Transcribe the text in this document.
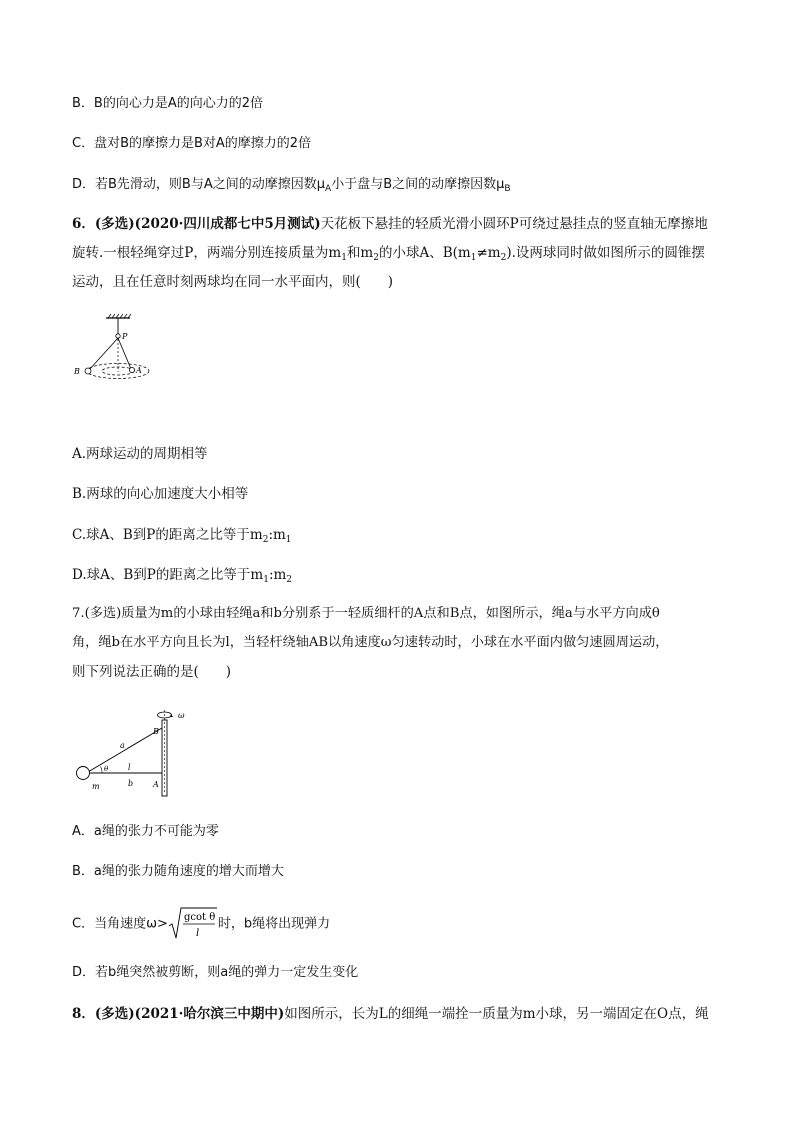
B．B的向心力是A的向心力的2倍
C．盘对B的摩擦力是B对A的摩擦力的2倍
D．若B先滑动，则B与A之间的动摩擦因数$\mu_A$小于盘与B之间的动摩擦因数$\mu_B$
6．(多选)(2020·四川成都七中5月测试)天花板下悬挂的轻质光滑小圆环P可绕过悬挂点的竖直轴无摩擦地
旋转.一根轻绳穿过P，两端分别连接质量为$m_1$和$m_2$的小球A、$B(m_1\ne m_2)$.设两球同时做如图所示的圆锥摆
运动，且在任意时刻两球均在同一水平面内，则(　　)
P
B	A
A.两球运动的周期相等
B.两球的向心加速度大小相等
C.球A、B到P的距离之比等于$m_2:m_1$
D.球A、B到P的距离之比等于$m_1:m_2$
7.(多选)质量为m的小球由轻绳a和b分别系于一轻质细杆的A点和B点，如图所示，绳a与水平方向成θ
角，绳b在水平方向且长为l，当轻杆绕轴AB以角速度ω匀速转动时，小球在水平面内做匀速圆周运动，
则下列说法正确的是(　　)
ω
B
a
θ l
b
m	A
A．a绳的张力不可能为零
B．a绳的张力随角速度的增大而增大
C．当角速度ω> gcot θ
l
时，b绳将出现弹力
D．若b绳突然被剪断，则a绳的弹力一定发生变化
8．(多选)(2021·哈尔滨三中期中)如图所示，长为L的细绳一端拴一质量为m小球，另一端固定在O点，绳
